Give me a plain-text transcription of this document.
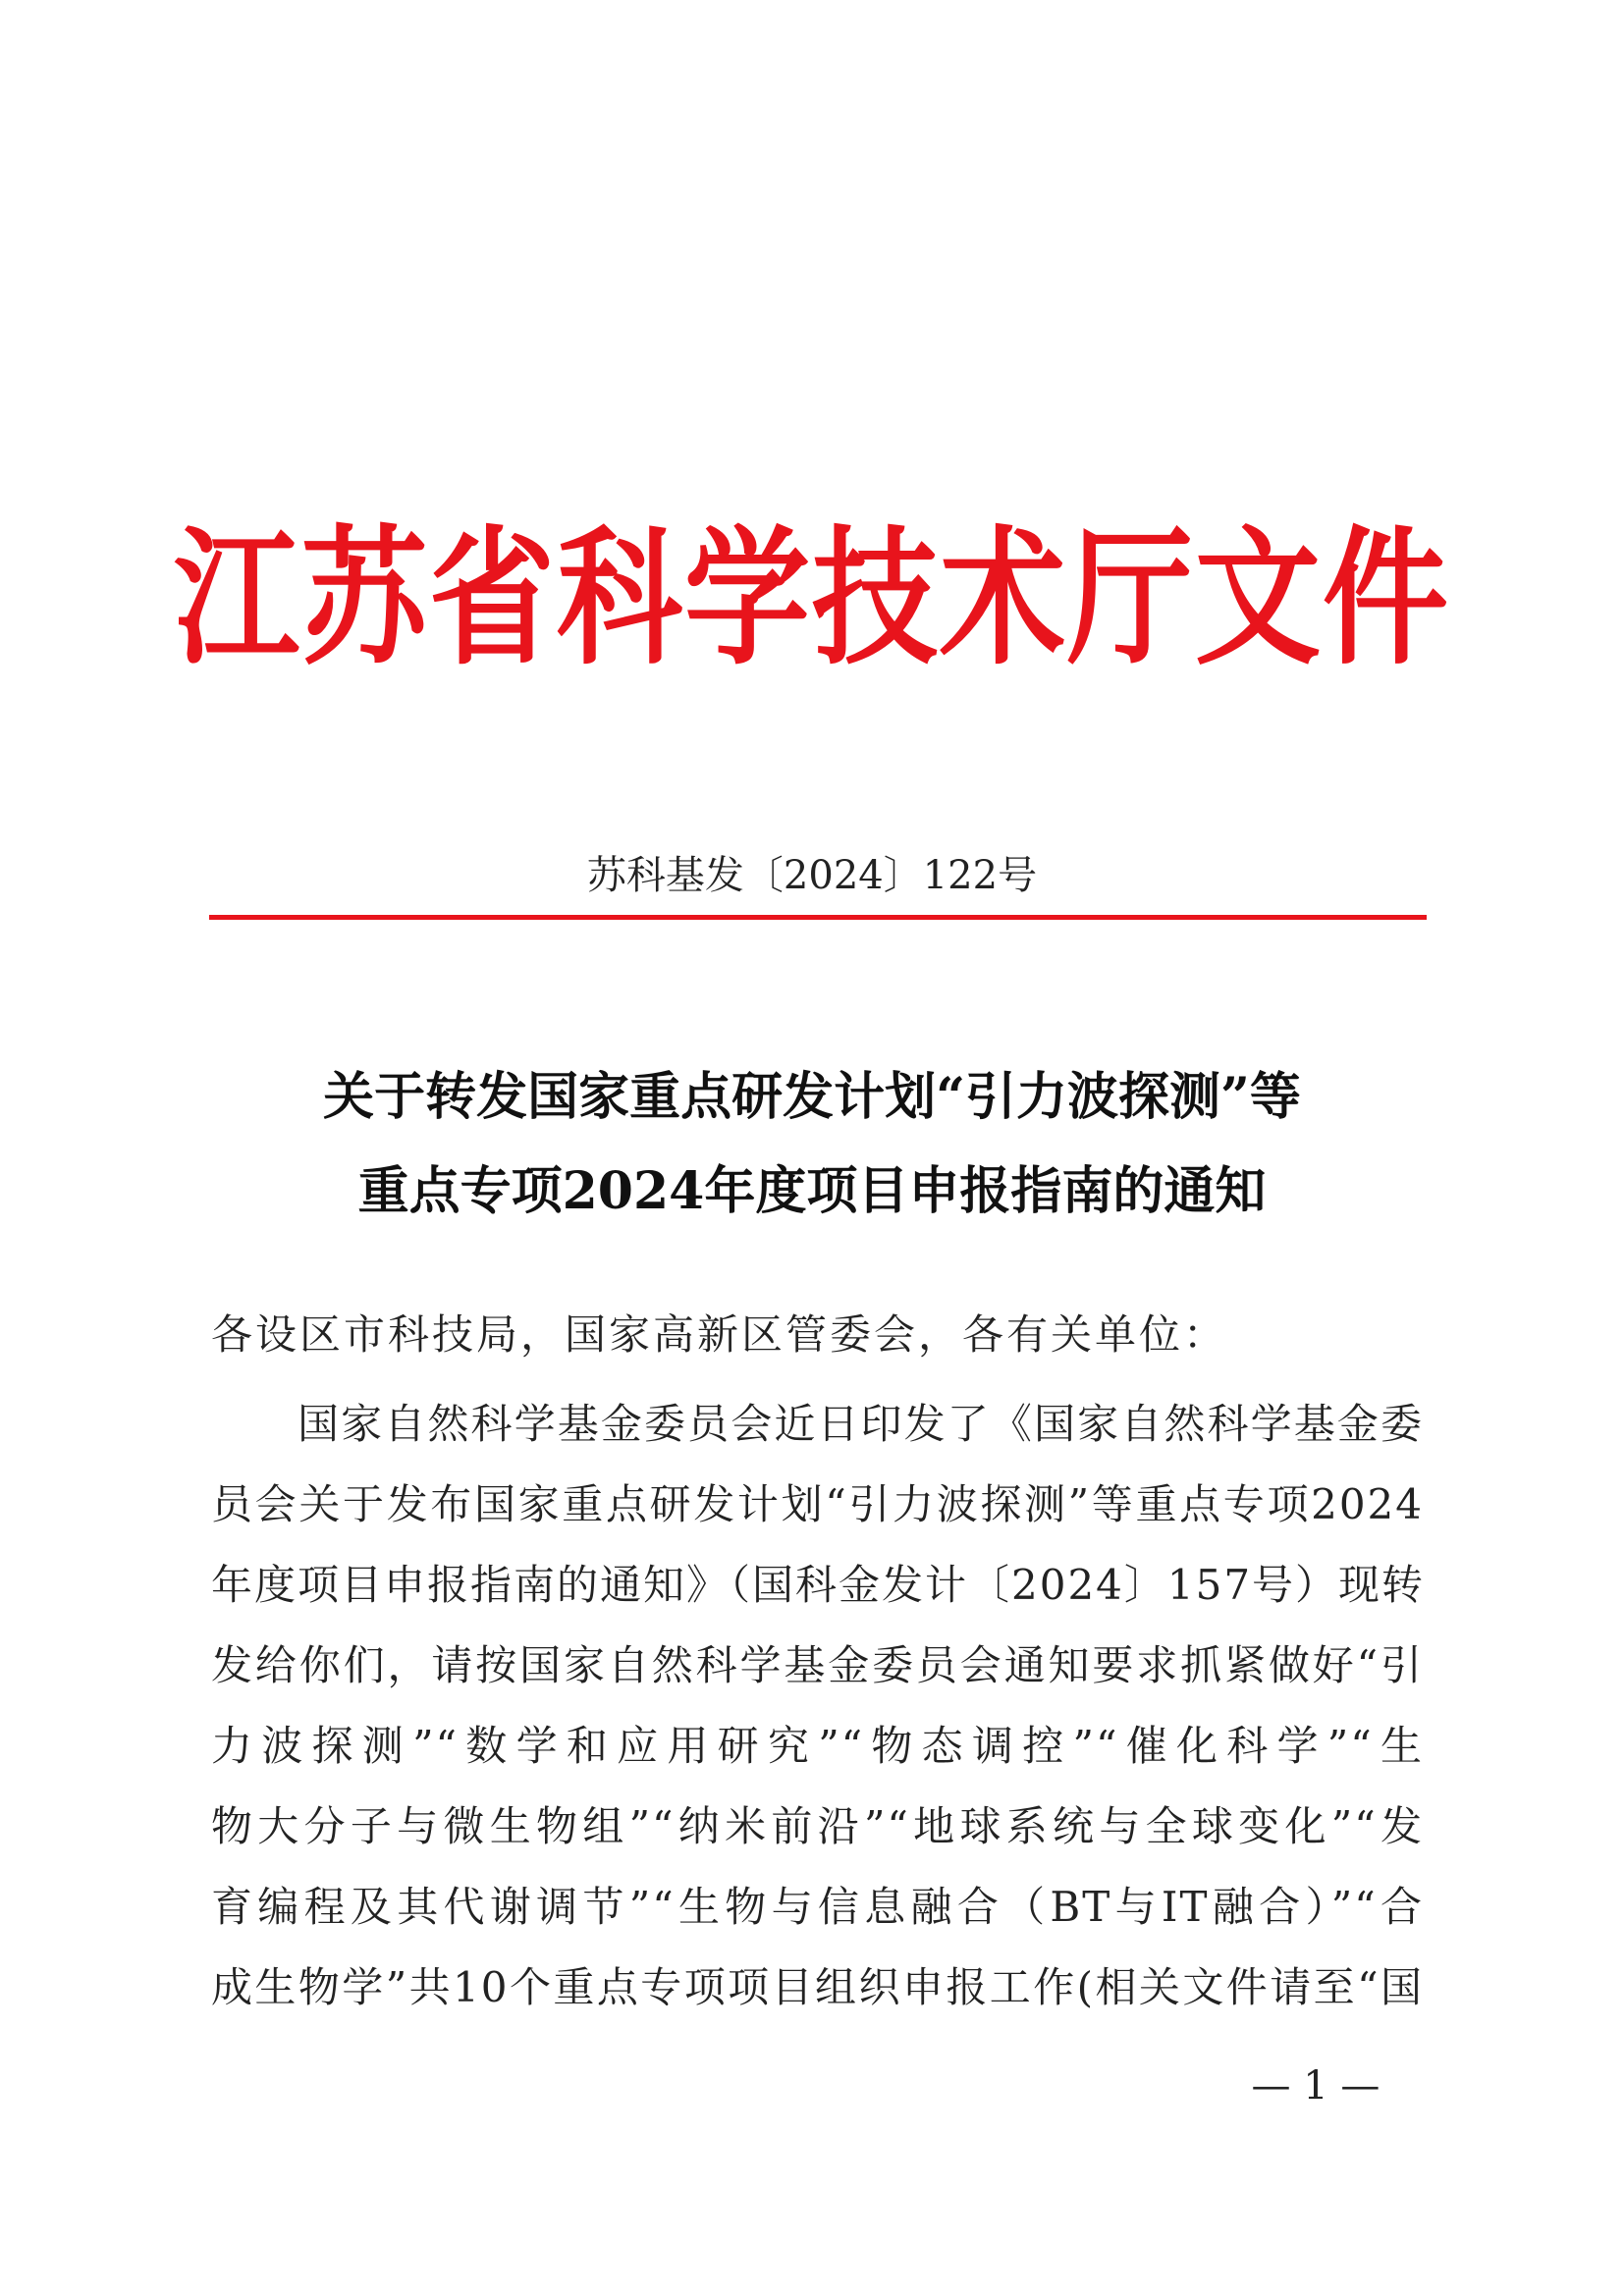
江苏省科学技术厅文件
苏科基发〔2024〕122号
关于转发国家重点研发计划“引力波探测”等
重点专项2024年度项目申报指南的通知
各设区市科技局，国家高新区管委会，各有关单位：
国家自然科学基金委员会近日印发了《国家自然科学基金委
员会关于发布国家重点研发计划“引力波探测”等重点专项2024
年度项目申报指南的通知》（国科金发计〔2024〕157号）现转
发给你们，请按国家自然科学基金委员会通知要求抓紧做好“引
力波探测”“数学和应用研究”“物态调控”“催化科学”“生
物大分子与微生物组”“纳米前沿”“地球系统与全球变化”“发
育编程及其代谢调节”“生物与信息融合（BT与IT融合）”“合
成生物学”共10个重点专项项目组织申报工作(相关文件请至“国
— 1 —
